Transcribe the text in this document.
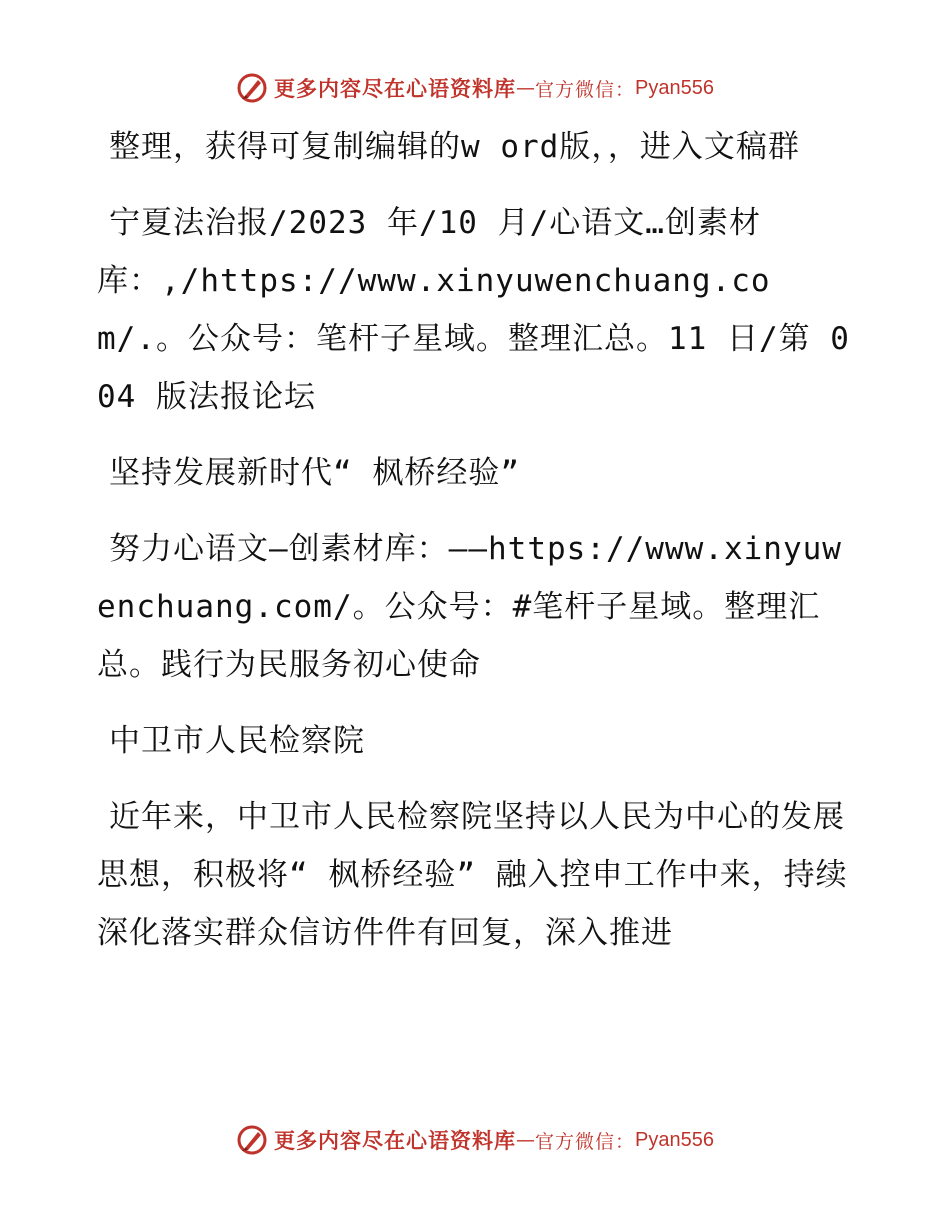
更多内容尽在心语资料库 — 官方微信： Pyan556

整理，获得可复制编辑的w ord版，，进入文稿群

宁夏法治报/2023 年/10 月/心语文…创素材库：,/https://www.xinyuwenchuang.com/.。公众号：笔杆子星域。整理汇总。11 日/第 004 版法报论坛

坚持发展新时代“ 枫桥经验”

努力心语文—创素材库：——https://www.xinyuwenchuang.com/。公众号：#笔杆子星域。整理汇总。践行为民服务初心使命

中卫市人民检察院

近年来，中卫市人民检察院坚持以人民为中心的发展思想，积极将“ 枫桥经验” 融入控申工作中来，持续深化落实群众信访件件有回复，深入推进

更多内容尽在心语资料库 — 官方微信： Pyan556
